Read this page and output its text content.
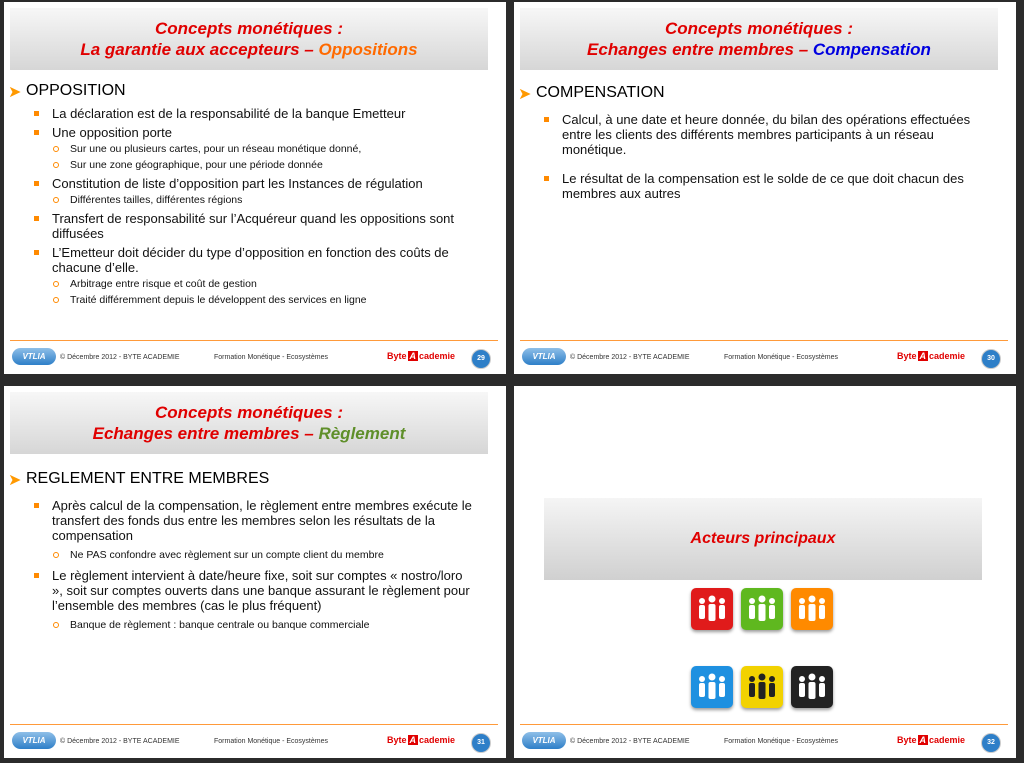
Concepts monétiques :
La garantie aux accepteurs – Oppositions
➤ OPPOSITION
La déclaration est de la responsabilité de la banque Emetteur
Une opposition porte
Sur une ou plusieurs cartes, pour un réseau monétique donné,
Sur une zone géographique, pour une période donnée
Constitution de liste d’opposition part les Instances de régulation
Différentes tailles, différentes régions
Transfert de responsabilité sur l’Acquéreur quand les oppositions sont diffusées
L’Emetteur doit décider du type d’opposition en fonction des coûts de chacune d’elle.
Arbitrage entre risque et coût de gestion
Traité différemment depuis le développent des services en ligne
VTLIA	© Décembre 2012 - BYTE ACADEMIE	Formation Monétique - Ecosystèmes	Byte A cademie	29
Concepts monétiques :
Echanges entre membres – Compensation
➤ COMPENSATION
Calcul, à une date et heure donnée, du bilan des opérations effectuées entre les clients des différents membres participants à un réseau monétique.
Le résultat de la compensation est le solde de ce que doit chacun des membres aux autres
VTLIA	© Décembre 2012 - BYTE ACADEMIE	Formation Monétique - Ecosystèmes	Byte A cademie	30
Concepts monétiques :
Echanges entre membres – Règlement
➤ REGLEMENT ENTRE MEMBRES
Après calcul de la compensation, le règlement entre membres exécute le transfert des fonds dus entre les membres selon les résultats de la compensation
Ne PAS confondre avec règlement sur un compte client du membre
Le règlement intervient à date/heure fixe, soit sur comptes « nostro/loro », soit sur comptes ouverts dans une banque assurant le règlement pour l’ensemble des membres (cas le plus fréquent)
Banque de règlement : banque centrale ou banque commerciale
VTLIA	© Décembre 2012 - BYTE ACADEMIE	Formation Monétique - Ecosystèmes	Byte A cademie	31
Acteurs principaux
VTLIA	© Décembre 2012 - BYTE ACADEMIE	Formation Monétique - Ecosystèmes	Byte A cademie	32
